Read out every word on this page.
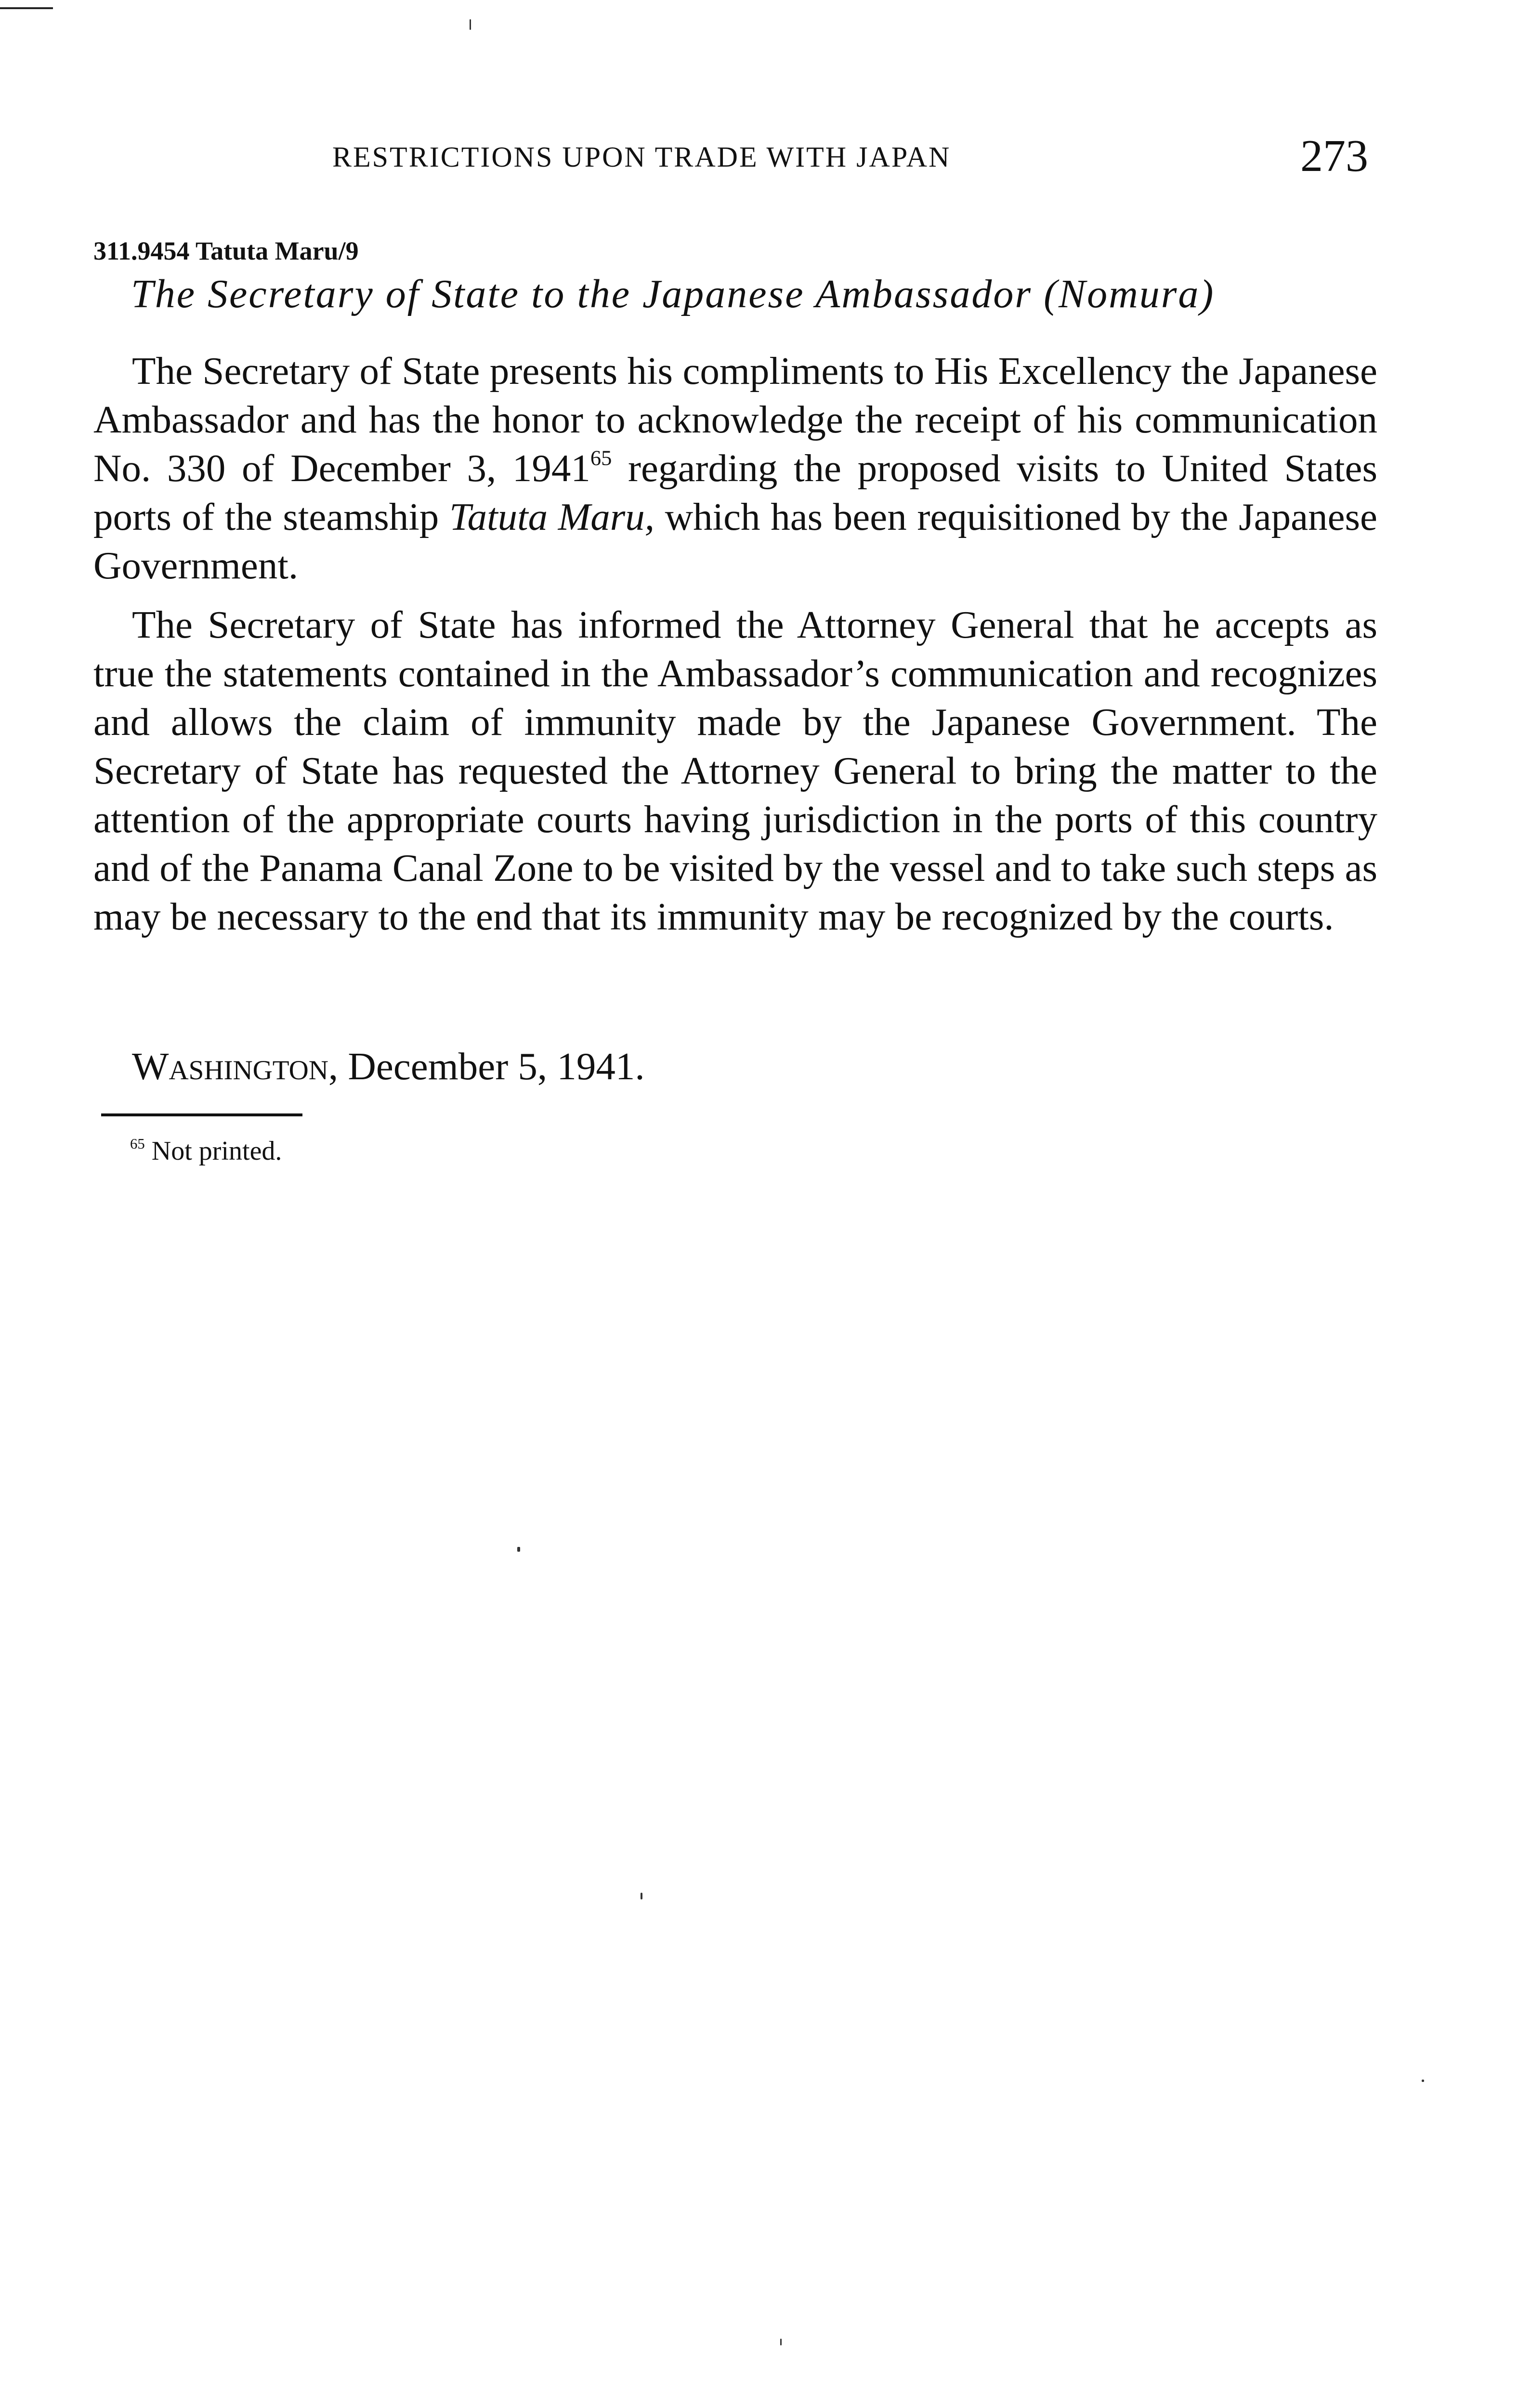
RESTRICTIONS UPON TRADE WITH JAPAN	273
311.9454 Tatuta Maru/9
The Secretary of State to the Japanese Ambassador (Nomura)

The Secretary of State presents his compliments to His Excellency the Japanese Ambassador and has the honor to acknowledge the receipt of his communication No. 330 of December 3, 1941$^{65}$ regarding the proposed visits to United States ports of the steamship Tatuta Maru, which has been requisitioned by the Japanese Government.

The Secretary of State has informed the Attorney General that he accepts as true the statements contained in the Ambassador’s communication and recognizes and allows the claim of immunity made by the Japanese Government. The Secretary of State has requested the Attorney General to bring the matter to the attention of the appropriate courts having jurisdiction in the ports of this country and of the Panama Canal Zone to be visited by the vessel and to take such steps as may be necessary to the end that its immunity may be recognized by the courts.

Washington, December 5, 1941.
$^{65}$ Not printed.
